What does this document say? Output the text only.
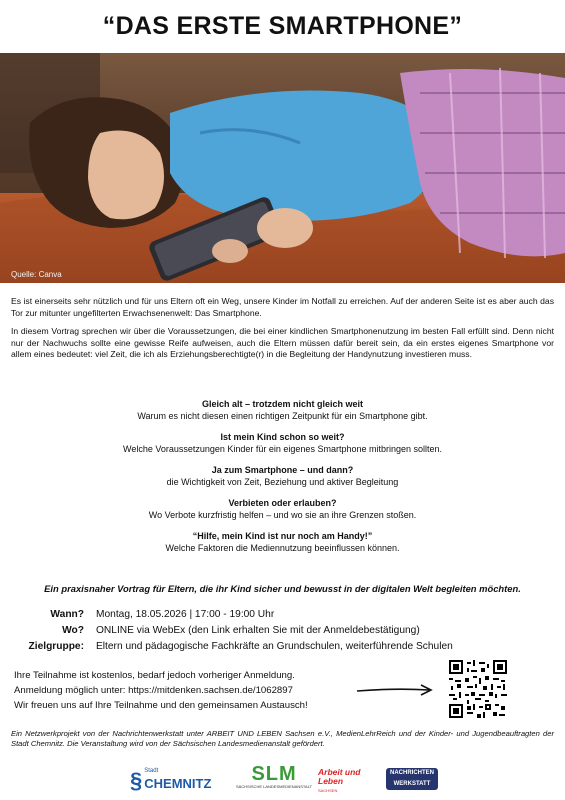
“DAS ERSTE SMARTPHONE”
Quelle: Canva

Es ist einerseits sehr nützlich und für uns Eltern oft ein Weg, unsere Kinder im Notfall zu erreichen. Auf der anderen Seite ist es aber auch das Tor zur mitunter ungefilterten Erwachsenenwelt: Das Smartphone.

In diesem Vortrag sprechen wir über die Voraussetzungen, die bei einer kindlichen Smartphonenutzung im besten Fall erfüllt sind. Denn nicht nur der Nachwuchs sollte eine gewisse Reife aufweisen, auch die Eltern müssen dafür bereit sein, da ein erstes eigenes Smartphone vor allem eines bedeutet: viel Zeit, die ich als Erziehungsberechtigte(r) in die Begleitung der Handynutzung investieren muss.

Gleich alt – trotzdem nicht gleich weit
Warum es nicht diesen einen richtigen Zeitpunkt für ein Smartphone gibt.
Ist mein Kind schon so weit?
Welche Voraussetzungen Kinder für ein eigenes Smartphone mitbringen sollten.
Ja zum Smartphone – und dann?
die Wichtigkeit von Zeit, Beziehung und aktiver Begleitung
Verbieten oder erlauben?
Wo Verbote kurzfristig helfen – und wo sie an ihre Grenzen stoßen.
“Hilfe, mein Kind ist nur noch am Handy!”
Welche Faktoren die Mediennutzung beeinflussen können.
Ein praxisnaher Vortrag für Eltern, die ihr Kind sicher und bewusst in der digitalen Welt begleiten möchten.
Wann?	Montag, 18.05.2026 | 17:00 - 19:00 Uhr
Wo?	ONLINE via WebEx (den Link erhalten Sie mit der Anmeldebestätigung)
Zielgruppe:	Eltern und pädagogische Fachkräfte an Grundschulen, weiterführende Schulen
Ihre Teilnahme ist kostenlos, bedarf jedoch vorheriger Anmeldung.
Anmeldung möglich unter: https://mitdenken.sachsen.de/1062897
Wir freuen uns auf Ihre Teilnahme und den gemeinsamen Austausch!

Ein Netzwerkprojekt von der Nachrichtenwerkstatt unter ARBEIT UND LEBEN Sachsen e.V., MedienLehrReich und der Kinder- und Jugendbeauftragten der Stadt Chemnitz. Die Veranstaltung wird von der Sächsischen Landesmedienanstalt gefördert.

§ Stadt
CHEMNITZ	SLM
SÄCHSISCHE LANDESMEDIENANSTALT
Arbeit und
Leben
SACHSEN
NACHRICHTEN
WERKSTATT
